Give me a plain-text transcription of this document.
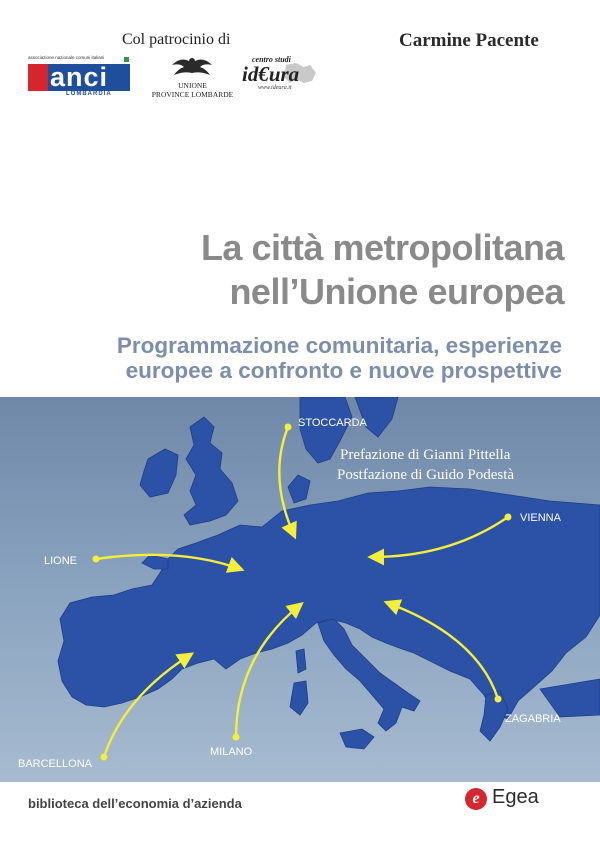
Col patrocinio di	Carmine Pacente
associazione nazionale comuni italiani
anci
LOMBARDIA
UNIONE
PROVINCE LOMBARDE
centro studi
id€ura
www.ideura.it
La città metropolitana
nell’Unione europea
Programmazione comunitaria, esperienze
europee a confronto e nuove prospettive
STOCCARDA
VIENNA
LIONE
ZAGABRIA
MILANO
BARCELLONA
Prefazione di Gianni Pittella
Postfazione di Guido Podestà
biblioteca dell’economia d’azienda	e Egea
